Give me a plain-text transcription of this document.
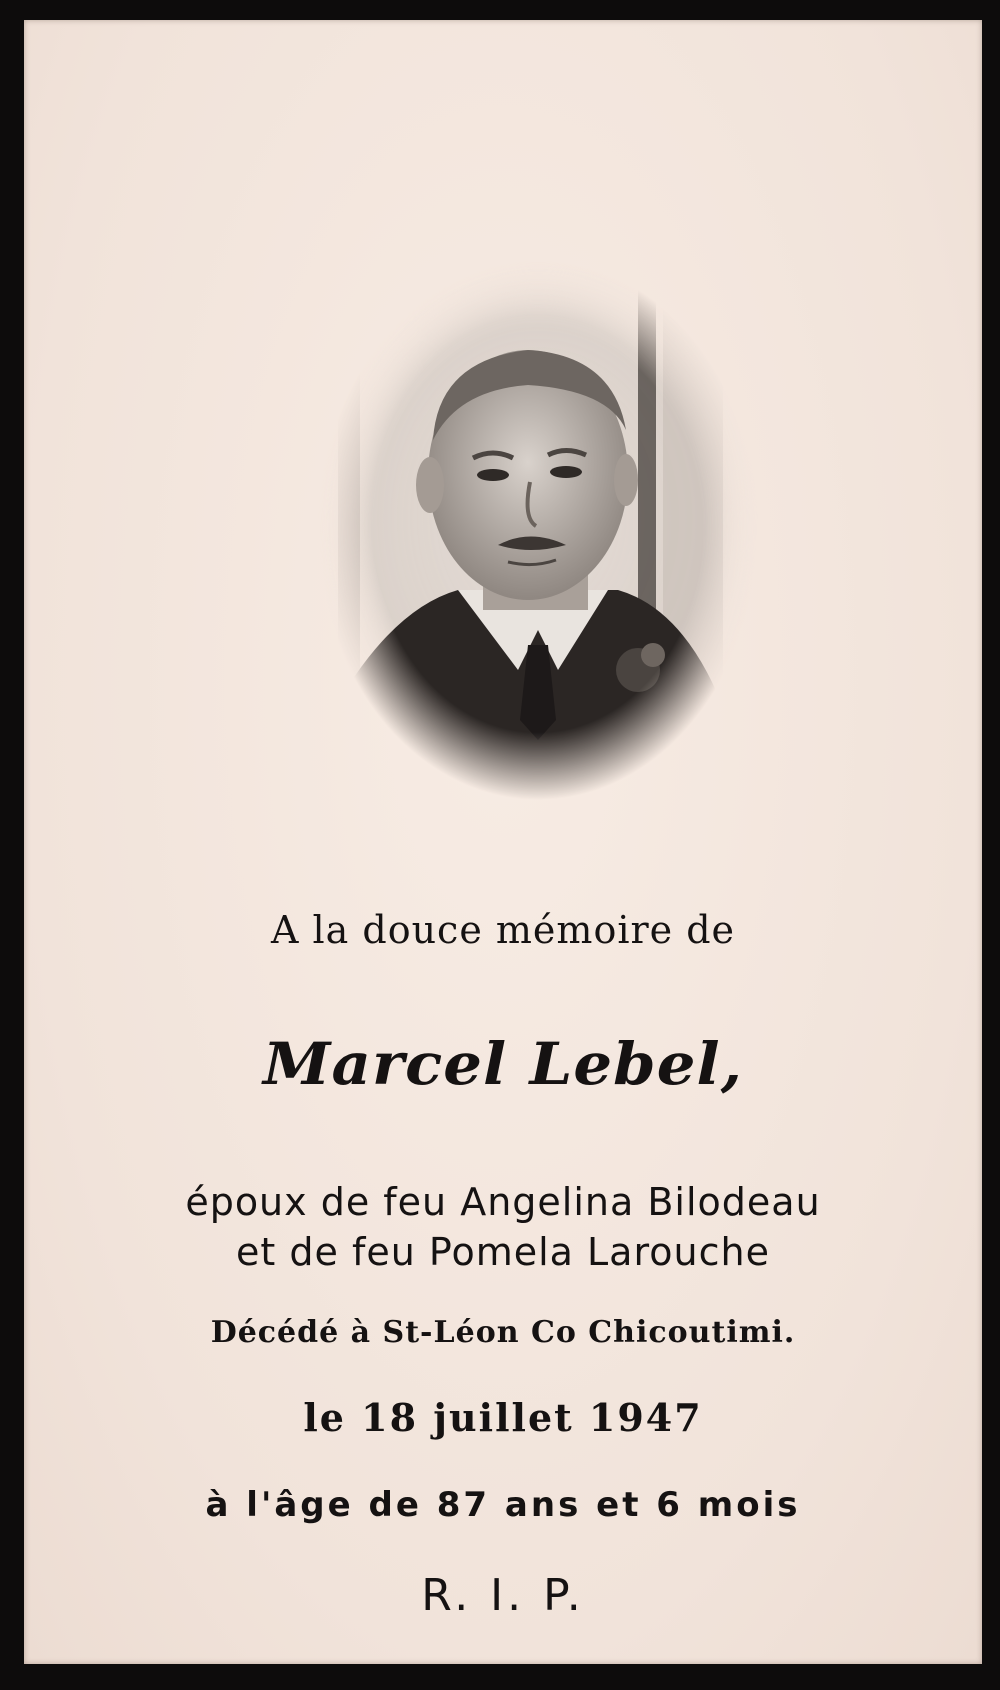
A la douce mémoire de
Marcel Lebel,
époux de feu Angelina Bilodeau
et de feu Pomela Larouche
Décédé à St-Léon Co Chicoutimi.
le 18 juillet 1947
à l'âge de 87 ans et 6 mois
R. I. P.
